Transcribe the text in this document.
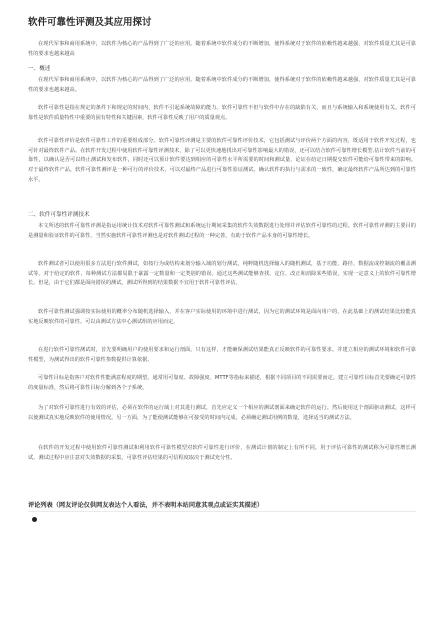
软件可靠性评测及其应用探讨

在现代军事和商用系统中，以软件为核心的产品得到了广泛的应用。随着系统中软件成分的不断增加，使得系统对于软件的依赖性越来越强，对软件质量尤其是可靠性的要求也越来越高

一、概述

在现代军事和商用系统中，以软件为核心的产品得到了广泛的应用。随着系统中软件成分的不断增加，使得系统对于软件的依赖性越来越强，对软件质量尤其是可靠性的要求也越来越高。

软件可靠性是指在规定的条件下和规定的时间内，软件不引起系统故障的能力。软件可靠性不但与软件中存在的缺陷有关，而且与系统输入和系统使用有关。软件可靠性是软件质量特性中重要的固有特性和关键因素，软件可靠性反映了用户的质量观点。

软件可靠性评价是软件可靠性工作的重要组成部分。软件可靠性评测是主要的软件可靠性评价技术，它包括测试与评价两个方面的内容，既适用于软件开发过程，也可针对最终软件产品。在软件开发过程中使用软件可靠性评测技术，除了可以更快速地找出对可靠性影响最大的错误，还可以结合软件可靠性增长模型,估计软件当前的可靠性，以确认是否可以终止测试和发布软件，同时还可以预计软件要达到相应的可靠性水平所需要的时间和测试量，论证在给定日期提交软件可能给可靠性带来的影响。对于最终软件产品，软件可靠性测评是一种可行的评价技术，可以对最终产品进行可靠性验证测试，确认软件的执行与需求的一致性，确定最终软件产品所达到的可靠性水平。

二、软件可靠性评测技术

本文所述的软件可靠性评测是指运用统计技术对软件可靠性测试和系统运行期间采集的软件失效数据进行处理并评估软件可靠性的过程。软件可靠性评测的主要目的是测量和验证软件的可靠性，当然实施软件可靠性评测也是对软件测试过程的一种完善，有助于软件产品本身的可靠性增长。

软件测试者可以使用很多方法进行软件测试，如按行为或结构来划分输入域的划分测试，纯粹随机选择输入的随机测试，基于功能、路径、数据流或控制流的覆盖测试等。对于给定的软件，每种测试方法都局限于暴露一定数量和一定类别的错误。通过这些测试能够查找、定位、改正和消除某些错误，实现一定意义上的软件可靠性增长。但是，由于它们都是面向错误的测试，测试所得到的结果数据不宜用于软件可靠性评估。

软件可靠性测试强调按实际使用的概率分布随机选择输入，并在客户实际使用的环境中进行测试，因为它的测试环境是面向用户的，在此基础上的测试结果比较能真实地反映软件的可靠性。可以由测试方法中心测试组的应用而定。

在进行软件可靠性测试时，首先要明确用户的使用要求和运行剖面，只有这样，才能确保测试结果能真正反映软件的可靠性要求。并建立相应的测试环境和软件可靠性模型，为测试得出的软件可靠性参数提供计算依据。

可靠性目标是指客户对软件性能满意程度的期望。通常用可靠度、故障强度、MTTF等指标来描述，根据不同项目的不同需要而定。建立可靠性目标首先要确定可靠性的度量标准，然后将可靠性目标分解到各个子系统。

为了对软件可靠性进行有效的评估，必须在软件的运行域上对其进行测试，首先应定义一个相应的测试剖面来确定软件的运行。然后使用这个剖面驱动测试，这样可以使测试真实地反映软件的使用情况。另一方面，为了能使测试能够在可接受的时间内完成，必须确定测试用例的数量，选择适当的测试方法。

在软件的开发过程中使用软件可靠性测试和利用软件可靠性模型对软件可靠性进行评价，在测试计划的制定上有所不同。用于评估可靠性的测试称为可靠性增长测试，测试过程中应注意对失效数据的采集，可靠性评估结果的可信程度取决于测试充分性。

评论列表（网友评论仅供网友表达个人看法，并不表明本站同意其观点或证实其描述）
